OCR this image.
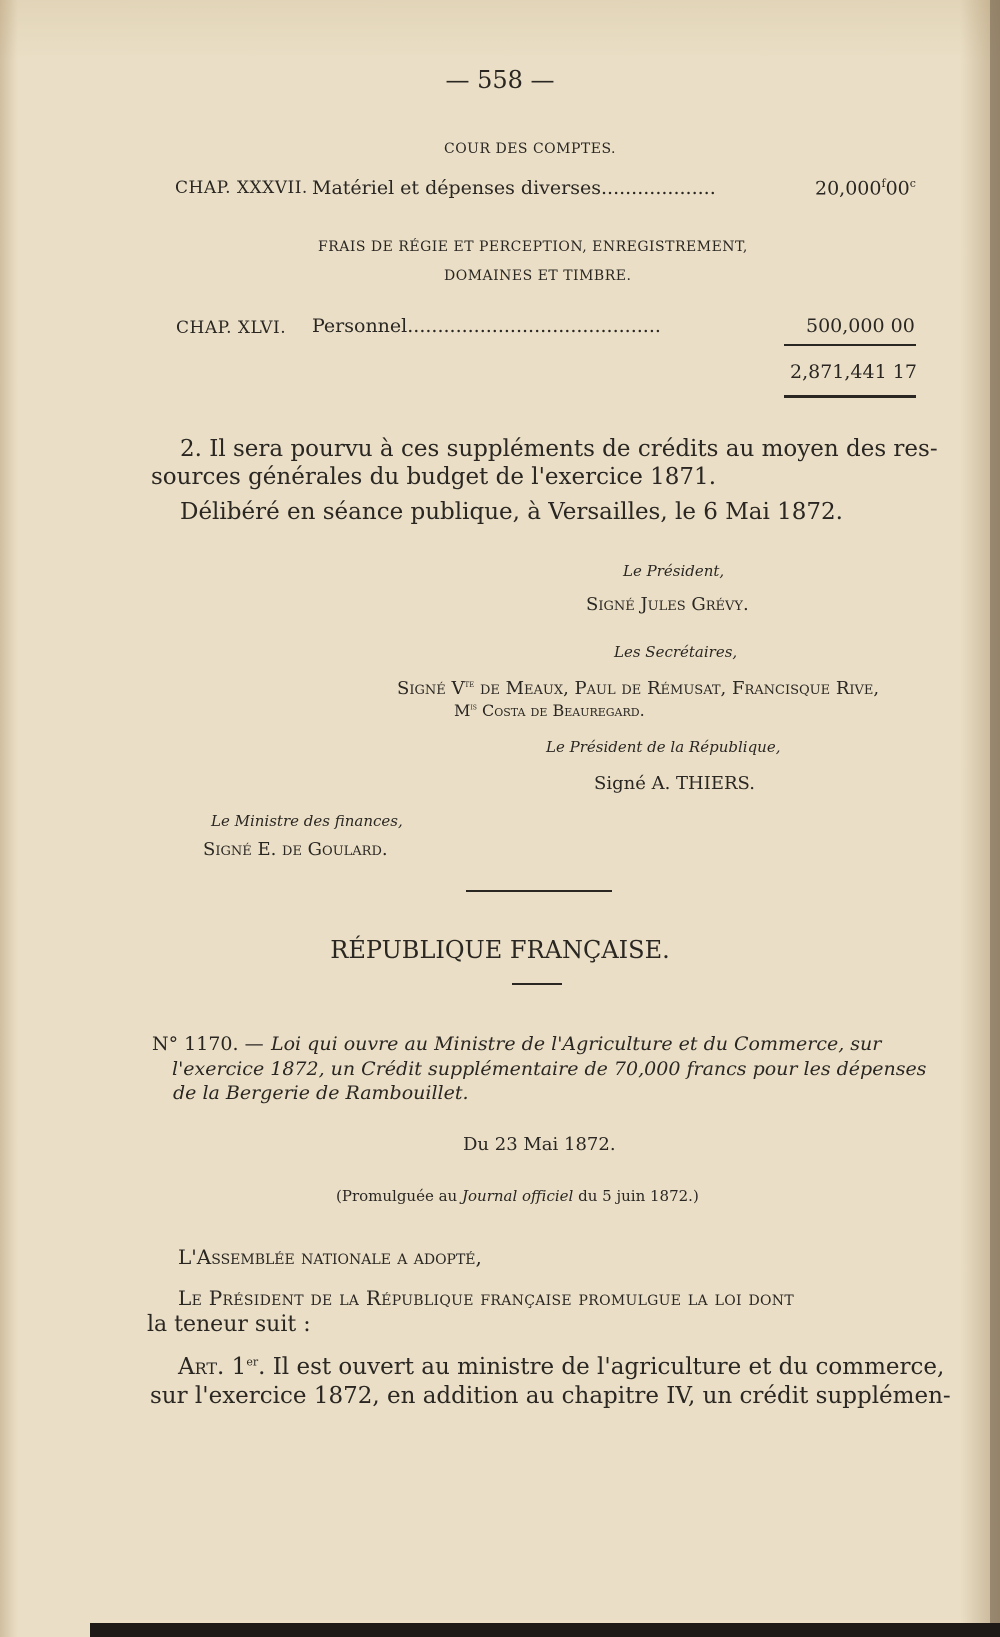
— 558 —
COUR DES COMPTES.
CHAP. XXXVII. Matériel et dépenses diverses...................	20,000$^f$00$^c$
FRAIS DE RÉGIE ET PERCEPTION, ENREGISTREMENT,
DOMAINES ET TIMBRE.
CHAP. XLVI. Personnel..........................................	500,000 00
2,871,441 17
2. Il sera pourvu à ces suppléments de crédits au moyen des res-
sources générales du budget de l'exercice 1871.
Délibéré en séance publique, à Versailles, le 6 Mai 1872.
Le Président,
Signé Jules Grévy.
Les Secrétaires,
Signé $V^{te}$ de Meaux, Paul de Rémusat, Francisque Rive,
$M^{is}$ Costa de Beauregard.
Le Président de la République,
Signé A. THIERS.
Le Ministre des finances,
Signé E. de Goulard.
RÉPUBLIQUE FRANÇAISE.
N° 1170. — Loi qui ouvre au Ministre de l'Agriculture et du Commerce, sur
l'exercice 1872, un Crédit supplémentaire de 70,000 francs pour les dépenses
de la Bergerie de Rambouillet.
Du 23 Mai 1872.
(Promulguée au Journal officiel du 5 juin 1872.)
L'Assemblée nationale a adopté,
Le Président de la République française promulgue la loi dont
la teneur suit :
Art. 1er. Il est ouvert au ministre de l'agriculture et du commerce,
sur l'exercice 1872, en addition au chapitre IV, un crédit supplémen-
